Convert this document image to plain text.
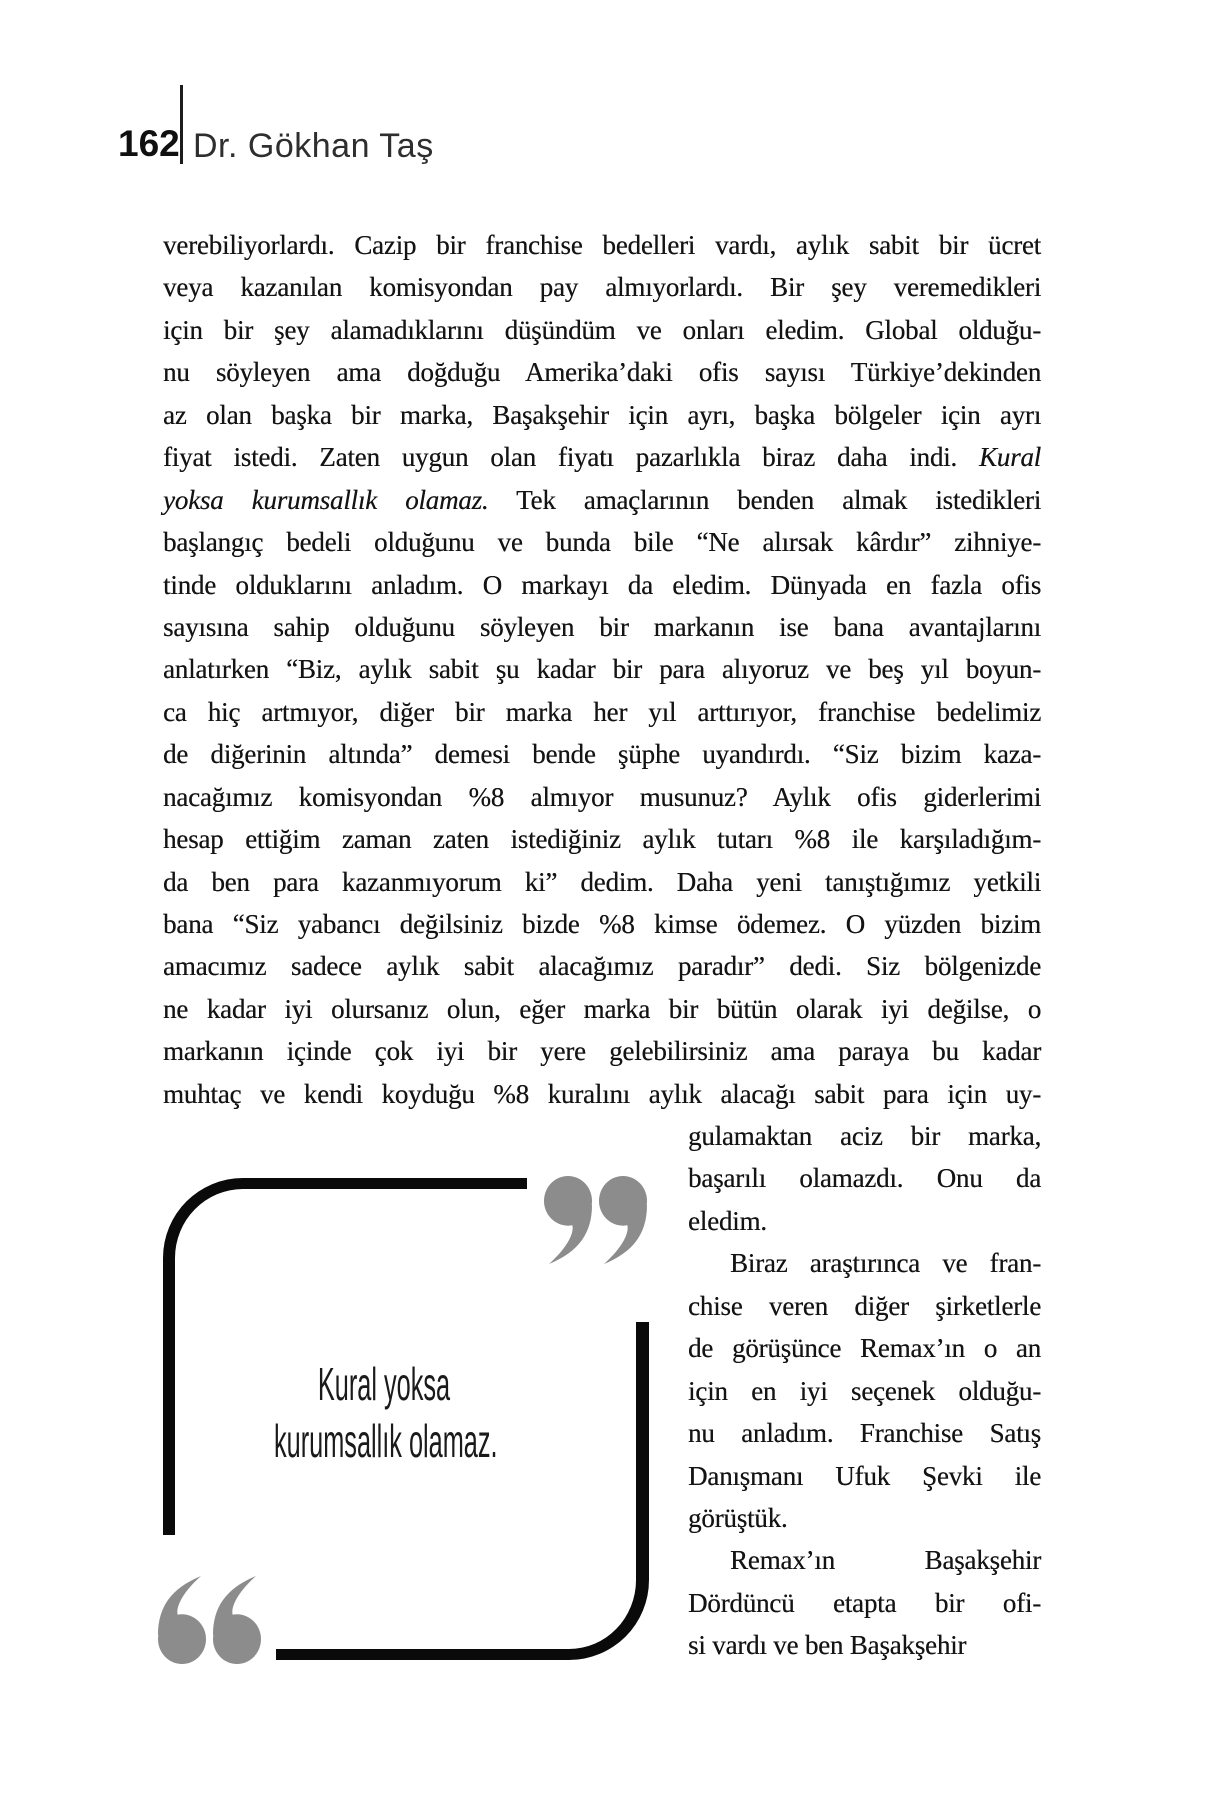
162 Dr. Gökhan Taş
verebiliyorlardı. Cazip bir franchise bedelleri vardı, aylık sabit bir ücret
veya kazanılan komisyondan pay almıyorlardı. Bir şey veremedikleri
için bir şey alamadıklarını düşündüm ve onları eledim. Global olduğu-
nu söyleyen ama doğduğu Amerika’daki ofis sayısı Türkiye’dekinden
az olan başka bir marka, Başakşehir için ayrı, başka bölgeler için ayrı
fiyat istedi. Zaten uygun olan fiyatı pazarlıkla biraz daha indi. Kural
yoksa kurumsallık olamaz. Tek amaçlarının benden almak istedikleri
başlangıç bedeli olduğunu ve bunda bile “Ne alırsak kârdır” zihniye-
tinde olduklarını anladım. O markayı da eledim. Dünyada en fazla ofis
sayısına sahip olduğunu söyleyen bir markanın ise bana avantajlarını
anlatırken “Biz, aylık sabit şu kadar bir para alıyoruz ve beş yıl boyun-
ca hiç artmıyor, diğer bir marka her yıl arttırıyor, franchise bedelimiz
de diğerinin altında” demesi bende şüphe uyandırdı. “Siz bizim kaza-
nacağımız komisyondan %8 almıyor musunuz? Aylık ofis giderlerimi
hesap ettiğim zaman zaten istediğiniz aylık tutarı %8 ile karşıladığım-
da ben para kazanmıyorum ki” dedim. Daha yeni tanıştığımız yetkili
bana “Siz yabancı değilsiniz bizde %8 kimse ödemez. O yüzden bizim
amacımız sadece aylık sabit alacağımız paradır” dedi. Siz bölgenizde
ne kadar iyi olursanız olun, eğer marka bir bütün olarak iyi değilse, o
markanın içinde çok iyi bir yere gelebilirsiniz ama paraya bu kadar
muhtaç ve kendi koyduğu %8 kuralını aylık alacağı sabit para için uy-
gulamaktan aciz bir marka,
başarılı olamazdı. Onu da
eledim.
Biraz araştırınca ve fran-
chise veren diğer şirketlerle
de görüşünce Remax’ın o an
için en iyi seçenek olduğu-
nu anladım. Franchise Satış
Danışmanı Ufuk Şevki ile
görüştük.
Remax’ın Başakşehir
Dördüncü etapta bir ofi-
si vardı ve ben Başakşehir
Kural yoksa
kurumsallık olamaz.
